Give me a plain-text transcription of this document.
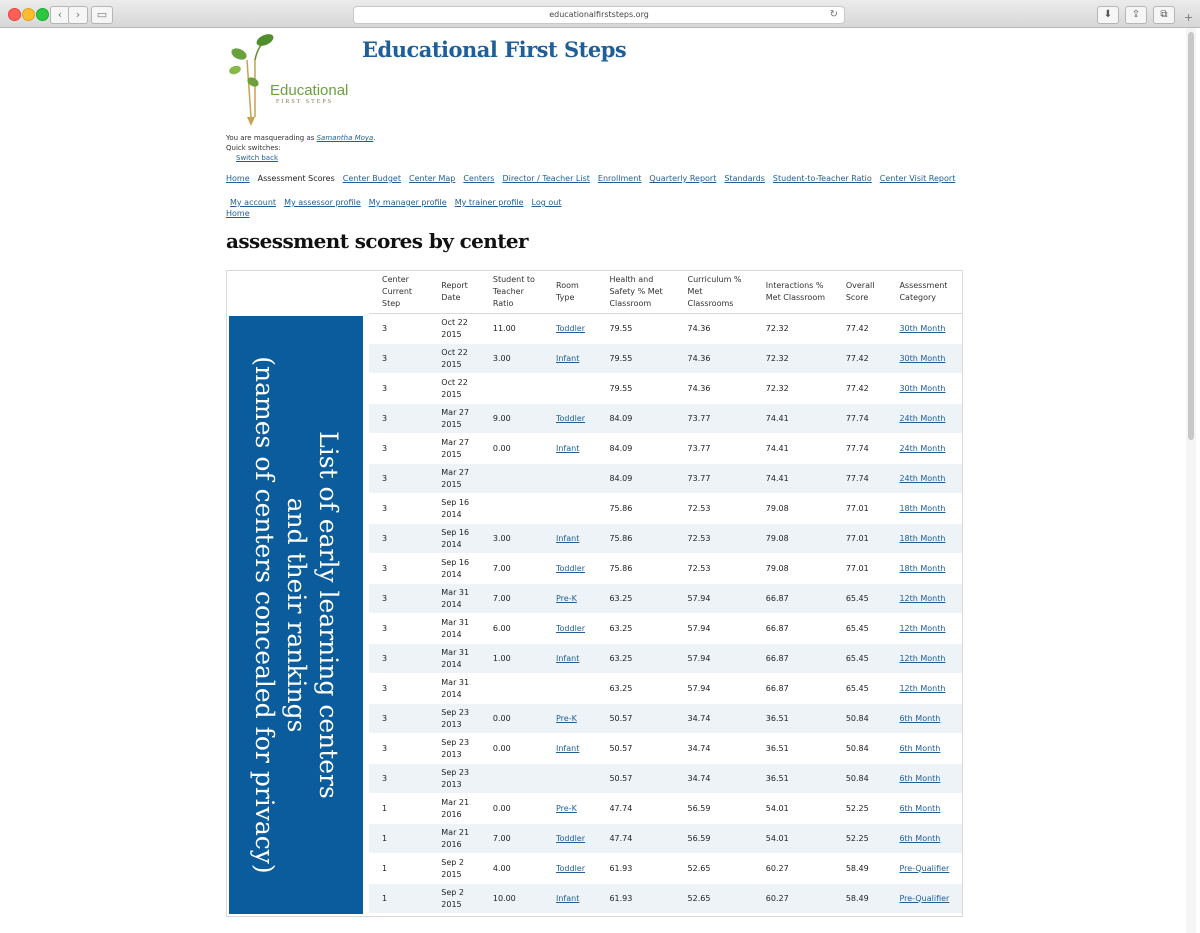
‹	›	▭	educationalfirststeps.org	↻	⬇	⇪	⧉	+
Educational
FIRST STEPS
Educational First Steps
You are masquerading as Samantha Moya.
Quick switches:
Switch back
Home Assessment Scores Center Budget Center Map Centers Director / Teacher List Enrollment Quarterly Report Standards Student-to-Teacher Ratio Center Visit Report
My account My assessor profile My manager profile My trainer profile Log out
Home
assessment scores by center
Center Current Step	Report Date	Student to Teacher Ratio	Room Type	Health and Safety % Met Classroom	Curriculum % Met Classrooms	Interactions % Met Classroom	Overall Score	Assessment Category
3	Oct 22 2015	11.00	Toddler	79.55	74.36	72.32	77.42	30th Month
3	Oct 22 2015	3.00	Infant	79.55	74.36	72.32	77.42	30th Month
3	Oct 22 2015			79.55	74.36	72.32	77.42	30th Month
3	Mar 27 2015	9.00	Toddler	84.09	73.77	74.41	77.74	24th Month
3	Mar 27 2015	0.00	Infant	84.09	73.77	74.41	77.74	24th Month
3	Mar 27 2015			84.09	73.77	74.41	77.74	24th Month
3	Sep 16 2014			75.86	72.53	79.08	77.01	18th Month
3	Sep 16 2014	3.00	Infant	75.86	72.53	79.08	77.01	18th Month
3	Sep 16 2014	7.00	Toddler	75.86	72.53	79.08	77.01	18th Month
3	Mar 31 2014	7.00	Pre-K	63.25	57.94	66.87	65.45	12th Month
3	Mar 31 2014	6.00	Toddler	63.25	57.94	66.87	65.45	12th Month
3	Mar 31 2014	1.00	Infant	63.25	57.94	66.87	65.45	12th Month
3	Mar 31 2014			63.25	57.94	66.87	65.45	12th Month
3	Sep 23 2013	0.00	Pre-K	50.57	34.74	36.51	50.84	6th Month
3	Sep 23 2013	0.00	Infant	50.57	34.74	36.51	50.84	6th Month
3	Sep 23 2013			50.57	34.74	36.51	50.84	6th Month
1	Mar 21 2016	0.00	Pre-K	47.74	56.59	54.01	52.25	6th Month
1	Mar 21 2016	7.00	Toddler	47.74	56.59	54.01	52.25	6th Month
1	Sep 2 2015	4.00	Toddler	61.93	52.65	60.27	58.49	Pre-Qualifier
1	Sep 2 2015	10.00	Infant	61.93	52.65	60.27	58.49	Pre-Qualifier
List of early learning centers
and their rankings
(names of centers concealed for privacy)
